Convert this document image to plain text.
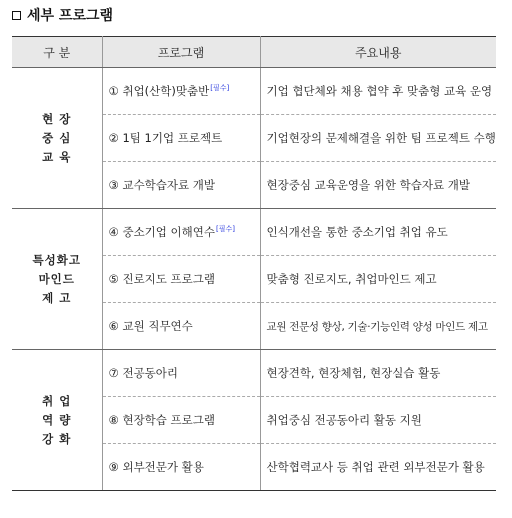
세부 프로그램
구 분	프로그램	주요내용

현 장
중 심
교 육	① 취업(산학)맞춤반[필수]	기업 협단체와 채용 협약 후 맞춤형 교육 운영
	② 1팀 1기업 프로젝트	기업현장의 문제해결을 위한 팀 프로젝트 수행
	③ 교수학습자료 개발	현장중심 교육운영을 위한 학습자료 개발

특성화고
마인드
제 고	④ 중소기업 이해연수[필수]	인식개선을 통한 중소기업 취업 유도
	⑤ 진로지도 프로그램	맞춤형 진로지도, 취업마인드 제고
	⑥ 교원 직무연수	교원 전문성 향상, 기술·기능인력 양성 마인드 제고

취 업
역 량
강 화	⑦ 전공동아리	현장견학, 현장체험, 현장실습 활동
	⑧ 현장학습 프로그램	취업중심 전공동아리 활동 지원
	⑨ 외부전문가 활용	산학협력교사 등 취업 관련 외부전문가 활용
